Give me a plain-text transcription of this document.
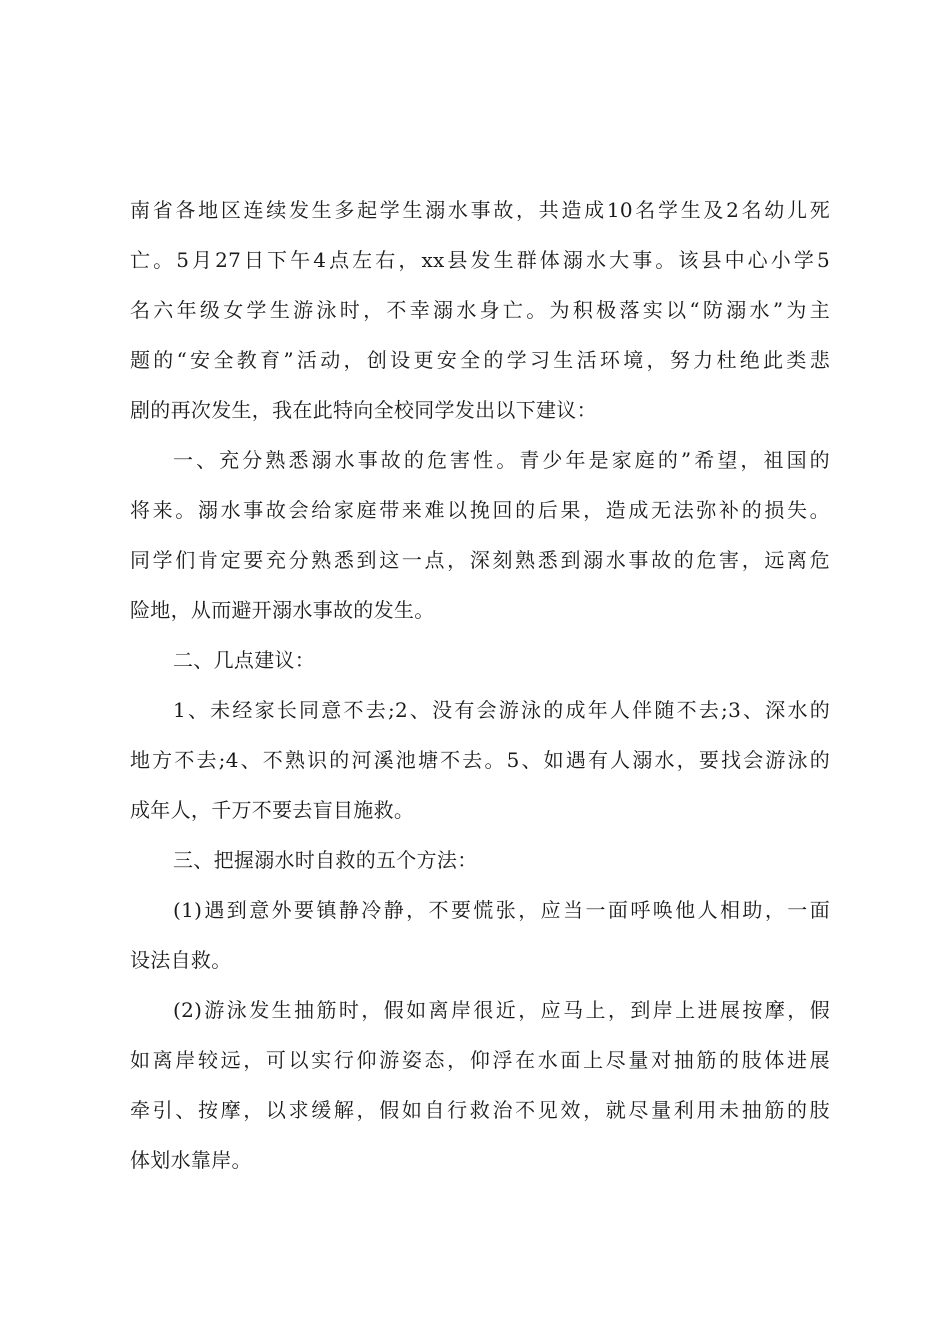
南省各地区连续发生多起学生溺水事故，共造成10名学生及2名幼儿死
亡。5月27日下午4点左右，xx县发生群体溺水大事。该县中心小学5
名六年级女学生游泳时，不幸溺水身亡。为积极落实以“防溺水”为主
题的“安全教育”活动，创设更安全的学习生活环境，努力杜绝此类悲
剧的再次发生，我在此特向全校同学发出以下建议：
一、充分熟悉溺水事故的危害性。青少年是家庭的”希望，祖国的
将来。溺水事故会给家庭带来难以挽回的后果，造成无法弥补的损失。
同学们肯定要充分熟悉到这一点，深刻熟悉到溺水事故的危害，远离危
险地，从而避开溺水事故的发生。
二、几点建议：
1、未经家长同意不去;2、没有会游泳的成年人伴随不去;3、深水的
地方不去;4、不熟识的河溪池塘不去。5、如遇有人溺水，要找会游泳的
成年人，千万不要去盲目施救。
三、把握溺水时自救的五个方法：
(1)遇到意外要镇静冷静，不要慌张，应当一面呼唤他人相助，一面
设法自救。
(2)游泳发生抽筋时，假如离岸很近，应马上，到岸上进展按摩，假
如离岸较远，可以实行仰游姿态，仰浮在水面上尽量对抽筋的肢体进展
牵引、按摩，以求缓解，假如自行救治不见效，就尽量利用未抽筋的肢
体划水靠岸。
